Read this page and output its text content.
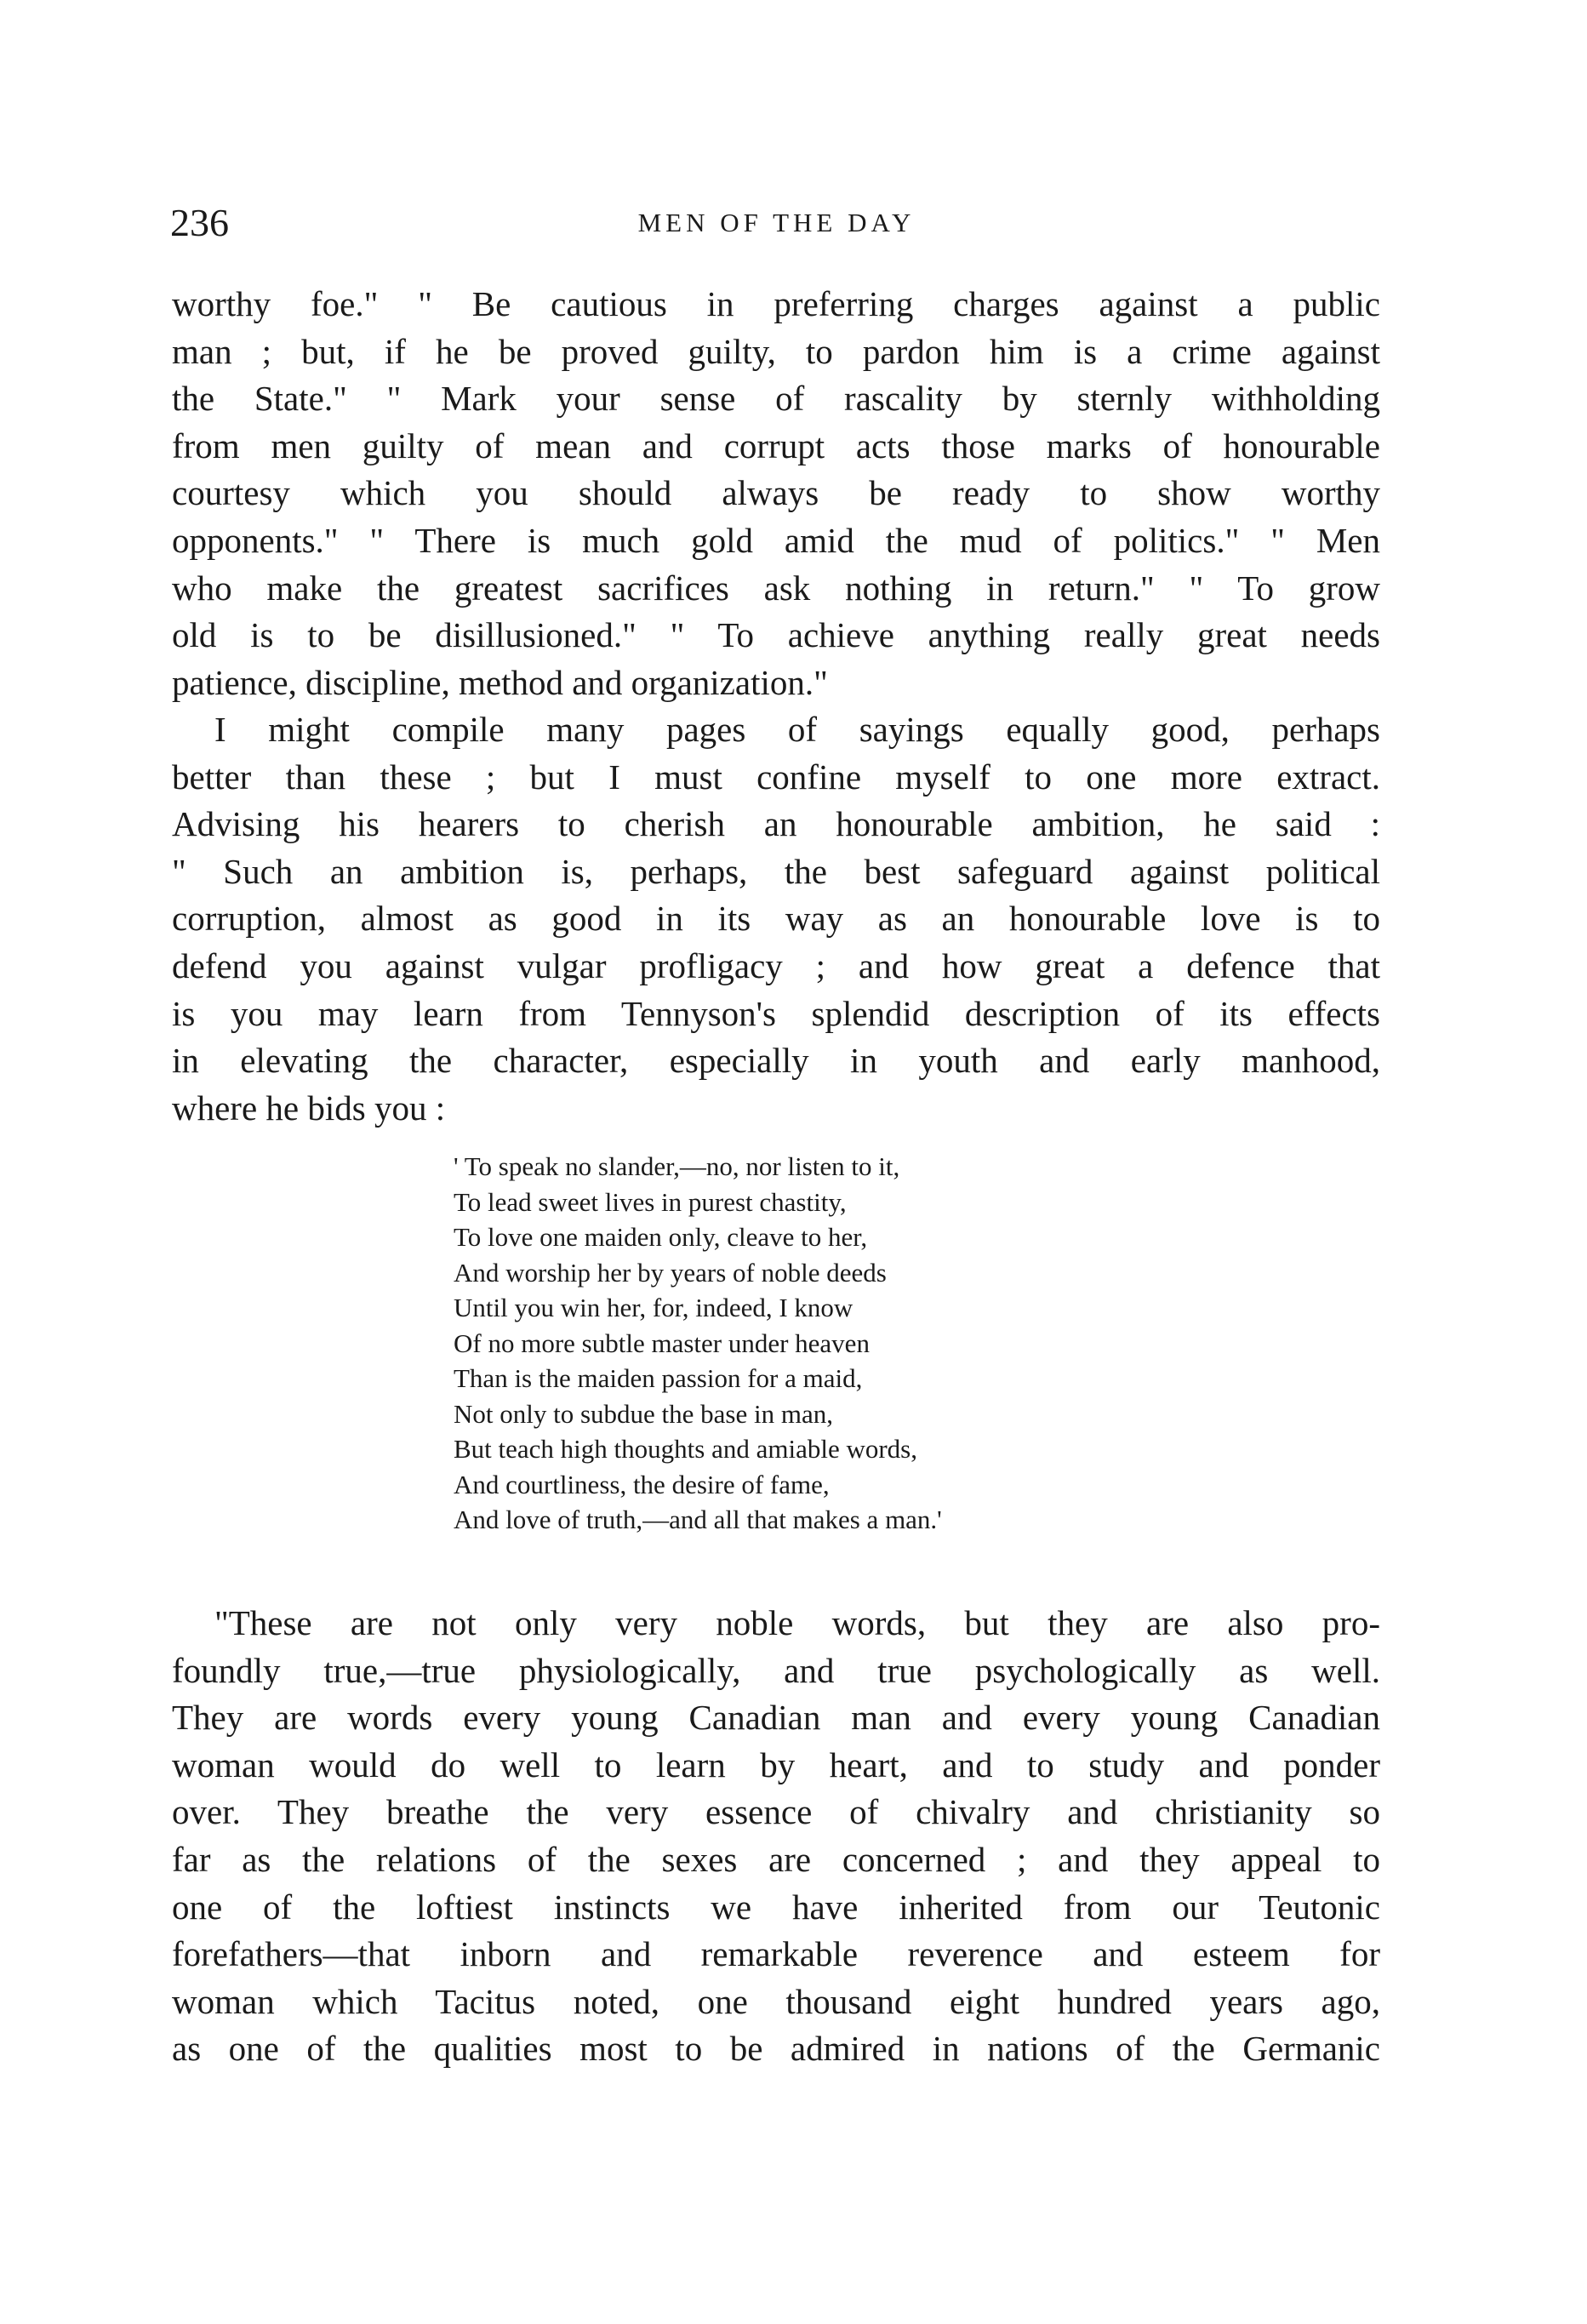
236	MEN OF THE DAY
worthy foe." " Be cautious in preferring charges against a public
man ; but, if he be proved guilty, to pardon him is a crime against
the State." " Mark your sense of rascality by sternly withholding
from men guilty of mean and corrupt acts those marks of honourable
courtesy which you should always be ready to show worthy
opponents." " There is much gold amid the mud of politics." " Men
who make the greatest sacrifices ask nothing in return." " To grow
old is to be disillusioned." " To achieve anything really great needs
patience, discipline, method and organization."
I might compile many pages of sayings equally good, perhaps
better than these ; but I must confine myself to one more extract.
Advising his hearers to cherish an honourable ambition, he said :
" Such an ambition is, perhaps, the best safeguard against political
corruption, almost as good in its way as an honourable love is to
defend you against vulgar profligacy ; and how great a defence that
is you may learn from Tennyson's splendid description of its effects
in elevating the character, especially in youth and early manhood,
where he bids you :
' To speak no slander,—no, nor listen to it,
To lead sweet lives in purest chastity,
To love one maiden only, cleave to her,
And worship her by years of noble deeds
Until you win her, for, indeed, I know
Of no more subtle master under heaven
Than is the maiden passion for a maid,
Not only to subdue the base in man,
But teach high thoughts and amiable words,
And courtliness, the desire of fame,
And love of truth,—and all that makes a man.'
"These are not only very noble words, but they are also pro-
foundly true,—true physiologically, and true psychologically as well.
They are words every young Canadian man and every young Canadian
woman would do well to learn by heart, and to study and ponder
over. They breathe the very essence of chivalry and christianity so
far as the relations of the sexes are concerned ; and they appeal to
one of the loftiest instincts we have inherited from our Teutonic
forefathers—that inborn and remarkable reverence and esteem for
woman which Tacitus noted, one thousand eight hundred years ago,
as one of the qualities most to be admired in nations of the Germanic
